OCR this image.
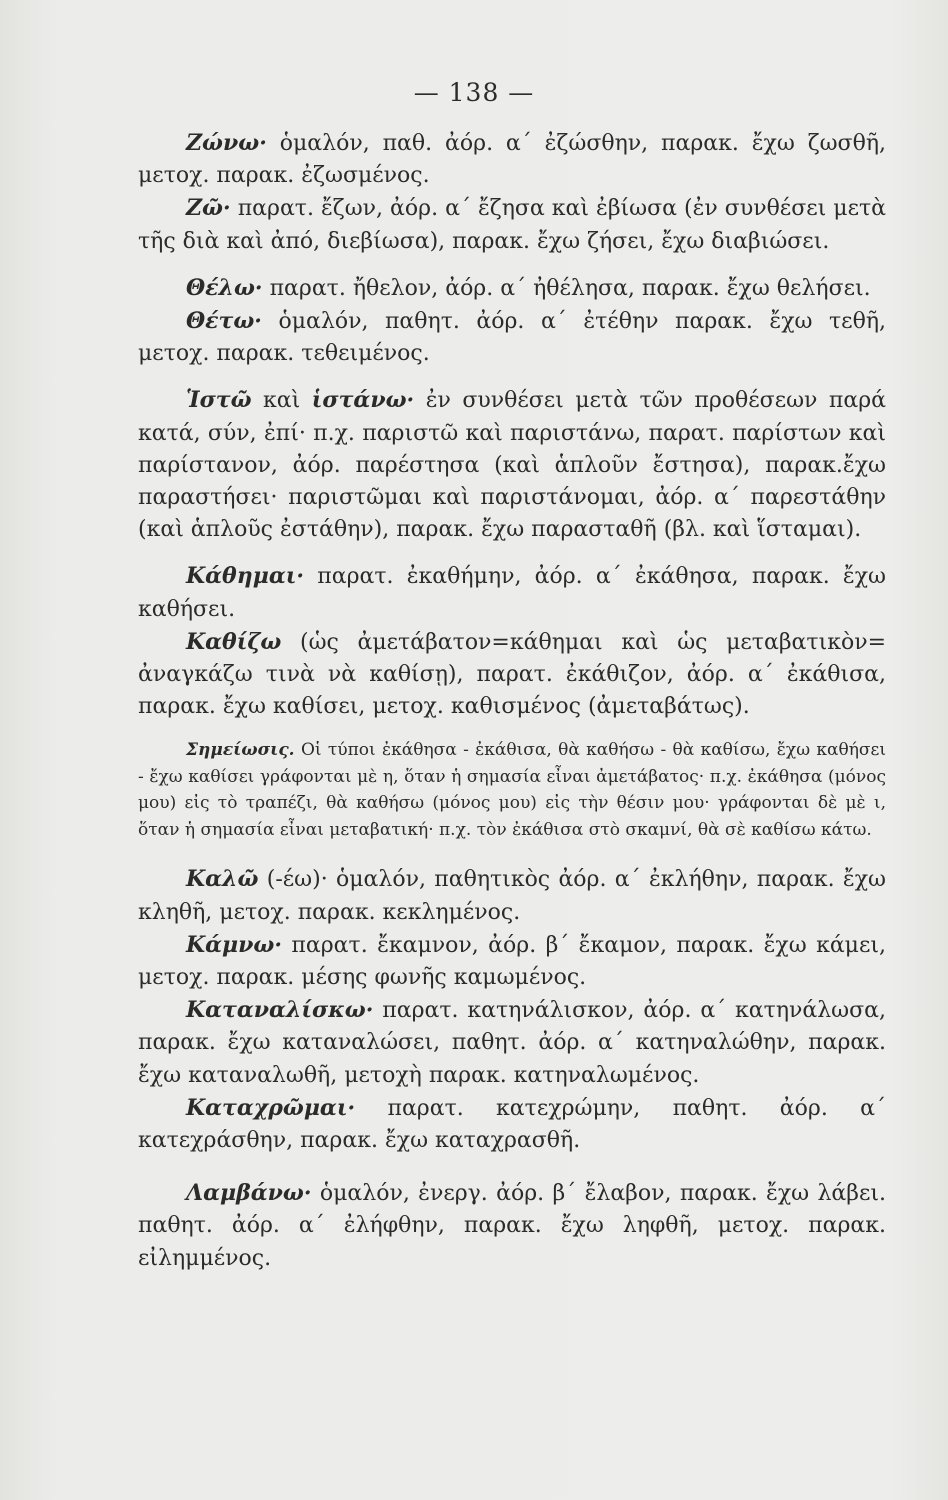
— 138 —

Ζώνω· ὁμαλόν, παθ. ἀόρ. α΄ ἐζώσθην, παρακ. ἔχω ζωσθῆ, μετοχ. παρακ. ἐζωσμένος.

Ζῶ· παρατ. ἔζων, ἀόρ. α΄ ἔζησα καὶ ἐβίωσα (ἐν συνθέσει μετὰ τῆς διὰ καὶ ἀπό, διεβίωσα), παρακ. ἔχω ζήσει, ἔχω διαβιώσει.

Θέλω· παρατ. ἤθελον, ἀόρ. α΄ ἠθέλησα, παρακ. ἔχω θελήσει.

Θέτω· ὁμαλόν, παθητ. ἀόρ. α΄ ἐτέθην παρακ. ἔχω τεθῆ, μετοχ. παρακ. τεθειμένος.

Ἱστῶ καὶ ἱστάνω· ἐν συνθέσει μετὰ τῶν προθέσεων παρά κατά, σύν, ἐπί· π.χ. παριστῶ καὶ παριστάνω, παρατ. παρίστων καὶ παρίστανον, ἀόρ. παρέστησα (καὶ ἁπλοῦν ἔστησα), παρακ.ἔχω παραστήσει· παριστῶμαι καὶ παριστάνομαι, ἀόρ. α΄ παρεστάθην (καὶ ἁπλοῦς ἐστάθην), παρακ. ἔχω παρασταθῆ (βλ. καὶ ἵσταμαι).

Κάθημαι· παρατ. ἐκαθήμην, ἀόρ. α΄ ἐκάθησα, παρακ. ἔχω καθήσει.

Καθίζω (ὡς ἀμετάβατον=κάθημαι καὶ ὡς μεταβατικὸν= ἀναγκάζω τινὰ νὰ καθίσῃ), παρατ. ἐκάθιζον, ἀόρ. α΄ ἐκάθισα, παρακ. ἔχω καθίσει, μετοχ. καθισμένος (ἀμεταβάτως).

Σημείωσις. Οἱ τύποι ἐκάθησα - ἐκάθισα, θὰ καθήσω - θὰ καθίσω, ἔχω καθήσει - ἔχω καθίσει γράφονται μὲ η, ὅταν ἡ σημασία εἶναι ἀμετάβατος· π.χ. ἐκάθησα (μόνος μου) εἰς τὸ τραπέζι, θὰ καθήσω (μόνος μου) εἰς τὴν θέσιν μου· γράφονται δὲ μὲ ι, ὅταν ἡ σημασία εἶναι μεταβατική· π.χ. τὸν ἐκάθισα στὸ σκαμνί, θὰ σὲ καθίσω κάτω.

Καλῶ (-έω)· ὁμαλόν, παθητικὸς ἀόρ. α΄ ἐκλήθην, παρακ. ἔχω κληθῆ, μετοχ. παρακ. κεκλημένος.

Κάμνω· παρατ. ἔκαμνον, ἀόρ. β΄ ἔκαμον, παρακ. ἔχω κάμει, μετοχ. παρακ. μέσης φωνῆς καμωμένος.

Καταναλίσκω· παρατ. κατηνάλισκον, ἀόρ. α΄ κατηνάλωσα, παρακ. ἔχω καταναλώσει, παθητ. ἀόρ. α΄ κατηναλώθην, παρακ. ἔχω καταναλωθῆ, μετοχὴ παρακ. κατηναλωμένος.

Καταχρῶμαι· παρατ. κατεχρώμην, παθητ. ἀόρ. α΄ κατεχράσθην, παρακ. ἔχω καταχρασθῆ.

Λαμβάνω· ὁμαλόν, ἐνεργ. ἀόρ. β΄ ἔλαβον, παρακ. ἔχω λάβει. παθητ. ἀόρ. α΄ ἐλήφθην, παρακ. ἔχω ληφθῆ, μετοχ. παρακ. εἰλημμένος.
